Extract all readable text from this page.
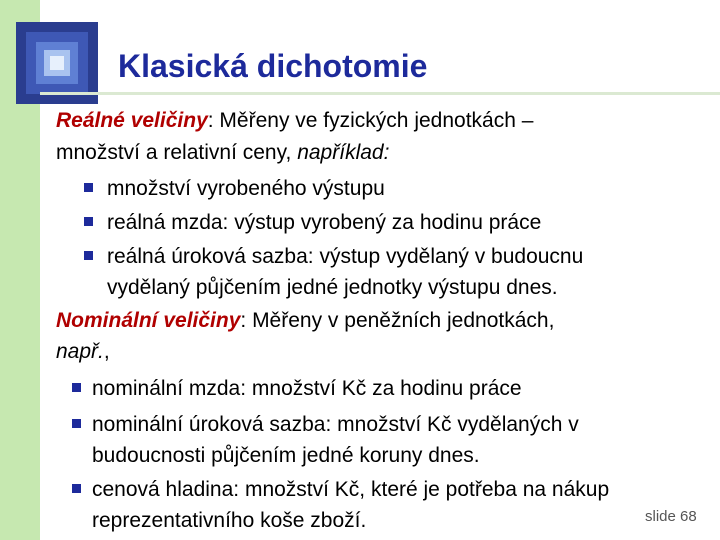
Klasická dichotomie
Reálné veličiny: Měřeny ve fyzických jednotkách –
množství a relativní ceny, například:
množství vyrobeného výstupu
reálná mzda: výstup vyrobený za hodinu práce
reálná úroková sazba: výstup vydělaný v budoucnu
vydělaný půjčením jedné jednotky výstupu dnes.
Nominální veličiny: Měřeny v peněžních jednotkách,
např.,
nominální mzda: množství Kč za hodinu práce
nominální úroková sazba: množství Kč vydělaných v
budoucnosti půjčením jedné koruny dnes.
cenová hladina: množství Kč, které je potřeba na nákup
reprezentativního koše zboží.	slide 68
